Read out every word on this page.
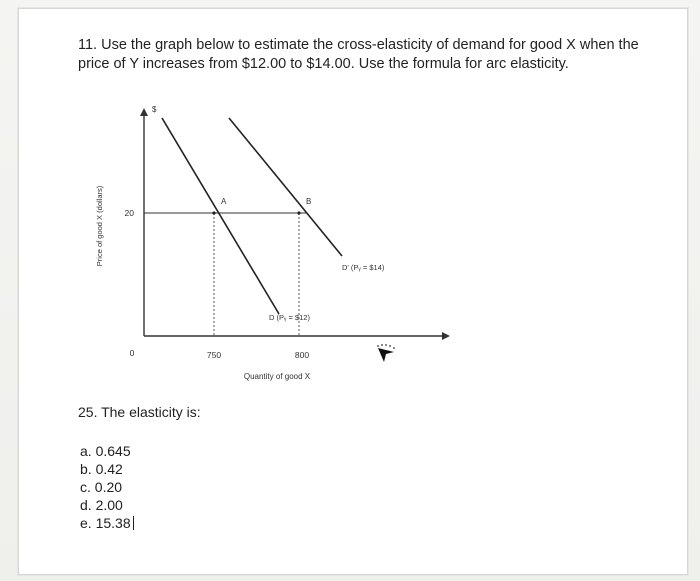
11. Use the graph below to estimate the cross-elasticity of demand for good X when the price of Y increases from $12.00 to $14.00. Use the formula for arc elasticity.
$
Price of good X (dollars) 20
0
A	B
D (Pᵧ = $12)
D' (Pᵧ = $14)
750	800
Quantity of good X
25. The elasticity is:
a. 0.645
b. 0.42
c. 0.20
d. 2.00
e. 15.38
